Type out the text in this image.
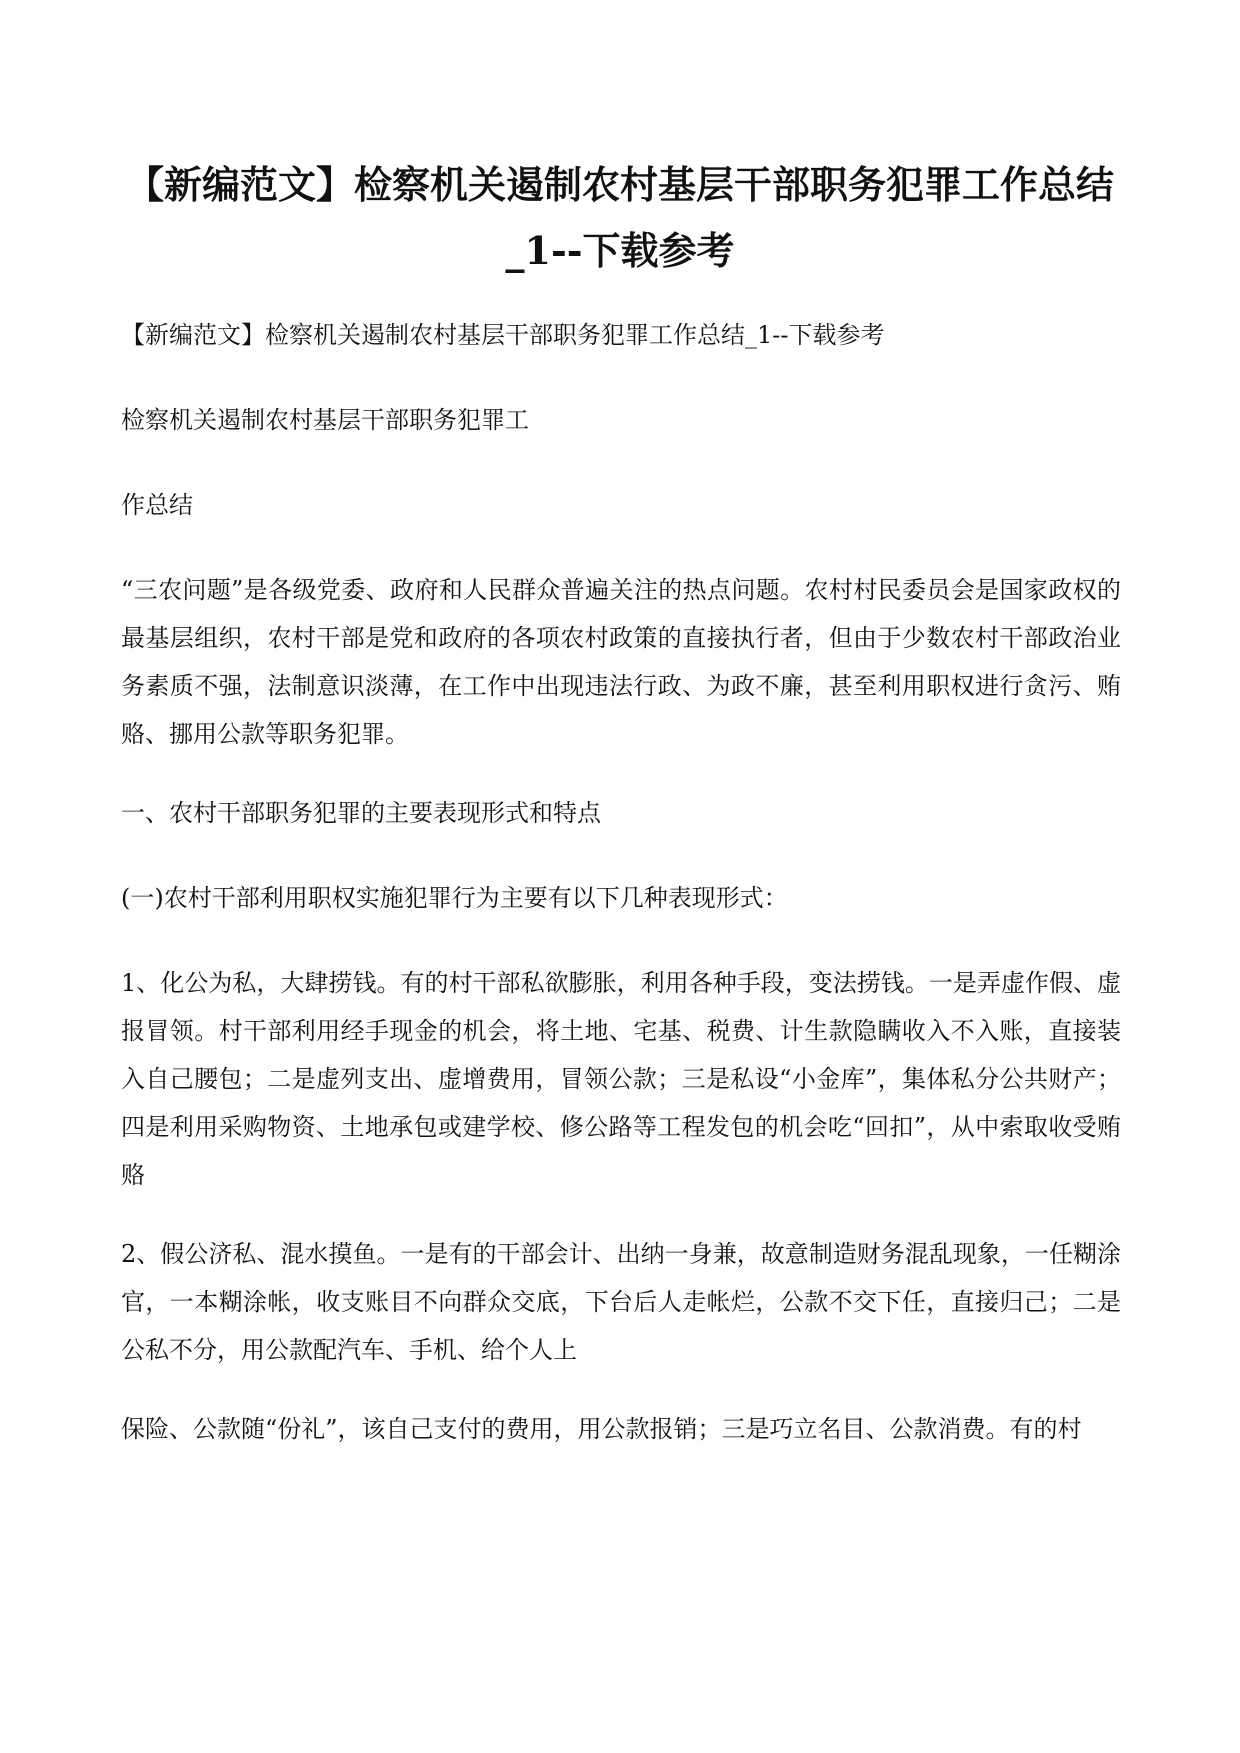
【新编范文】检察机关遏制农村基层干部职务犯罪工作总结_1--下载参考

【新编范文】检察机关遏制农村基层干部职务犯罪工作总结_1--下载参考

检察机关遏制农村基层干部职务犯罪工

作总结

“三农问题”是各级党委、政府和人民群众普遍关注的热点问题。农村村民委员会是国家政权的最基层组织，农村干部是党和政府的各项农村政策的直接执行者，但由于少数农村干部政治业务素质不强，法制意识淡薄，在工作中出现违法行政、为政不廉，甚至利用职权进行贪污、贿赂、挪用公款等职务犯罪。

一、农村干部职务犯罪的主要表现形式和特点

(一)农村干部利用职权实施犯罪行为主要有以下几种表现形式：

1、化公为私，大肆捞钱。有的村干部私欲膨胀，利用各种手段，变法捞钱。一是弄虚作假、虚报冒领。村干部利用经手现金的机会，将土地、宅基、税费、计生款隐瞒收入不入账，直接装入自己腰包；二是虚列支出、虚增费用，冒领公款；三是私设“小金库”，集体私分公共财产；四是利用采购物资、土地承包或建学校、修公路等工程发包的机会吃“回扣”，从中索取收受贿赂

2、假公济私、混水摸鱼。一是有的干部会计、出纳一身兼，故意制造财务混乱现象，一任糊涂官，一本糊涂帐，收支账目不向群众交底，下台后人走帐烂，公款不交下任，直接归己；二是公私不分，用公款配汽车、手机、给个人上

保险、公款随“份礼”，该自己支付的费用，用公款报销；三是巧立名目、公款消费。有的村
